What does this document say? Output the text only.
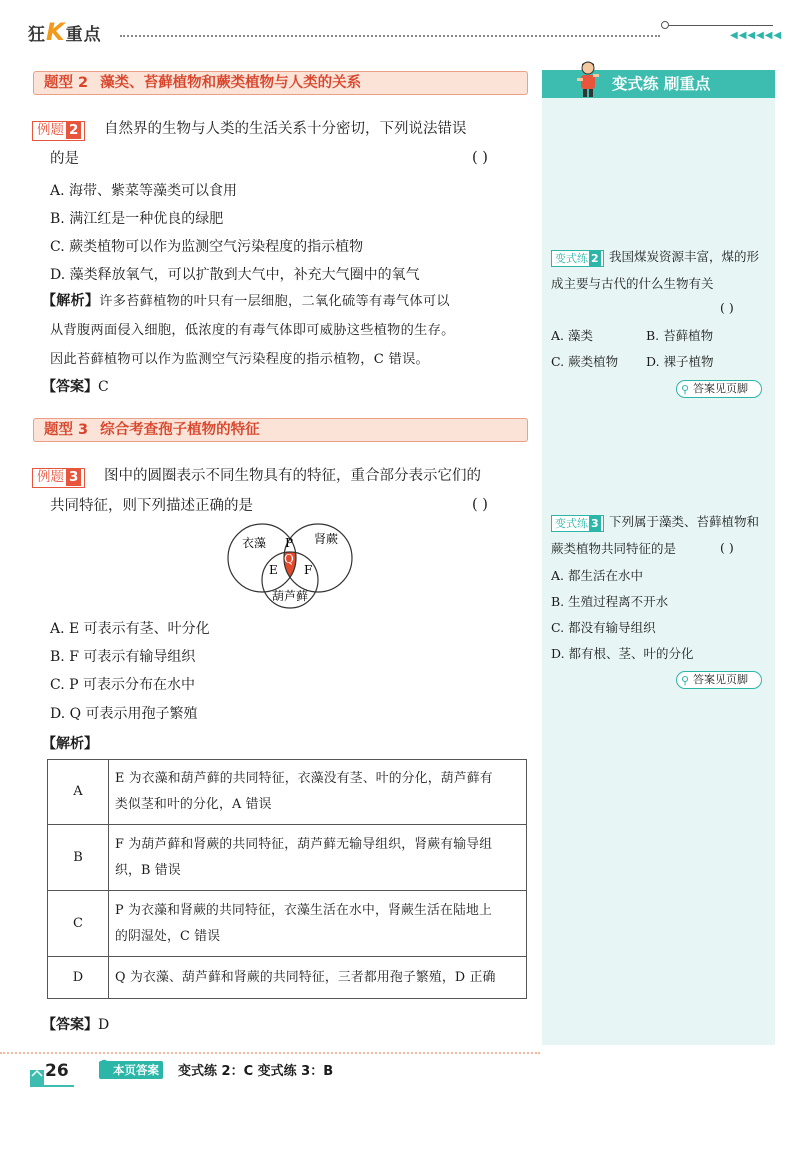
狂K重点	◀◀◀◀◀◀
变式练 刷重点
题型 2 藻类、苔藓植物和蕨类植物与人类的关系
例题 2	自然界的生物与人类的生活关系十分密切，下列说法错误
的是	( )
A. 海带、紫菜等藻类可以食用
B. 满江红是一种优良的绿肥
C. 蕨类植物可以作为监测空气污染程度的指示植物
D. 藻类释放氧气，可以扩散到大气中，补充大气圈中的氧气
【解析】许多苔藓植物的叶只有一层细胞，二氧化硫等有毒气体可以
从背腹两面侵入细胞，低浓度的有毒气体即可威胁这些植物的生存。
因此苔藓植物可以作为监测空气污染程度的指示植物，C 错误。
【答案】C
题型 3 综合考查孢子植物的特征
例题 3	图中的圆圈表示不同生物具有的特征，重合部分表示它们的
共同特征，则下列描述正确的是	( )
衣藻	肾蕨
葫芦藓
P
Q
E F
A. E 可表示有茎、叶分化
B. F 可表示有输导组织
C. P 可表示分布在水中
D. Q 可表示用孢子繁殖
【解析】
A	E 为衣藻和葫芦藓的共同特征，衣藻没有茎、叶的分化，葫芦藓有
类似茎和叶的分化，A 错误

B	F 为葫芦藓和肾蕨的共同特征，葫芦藓无输导组织，肾蕨有输导组
织，B 错误

C	P 为衣藻和肾蕨的共同特征，衣藻生活在水中，肾蕨生活在陆地上
的阴湿处，C 错误

D	Q 为衣藻、葫芦藓和肾蕨的共同特征，三者都用孢子繁殖，D 正确
【答案】D
变式练 2 我国煤炭资源丰富，煤的形
成主要与古代的什么生物有关
( )
A. 藻类	B. 苔藓植物
C. 蕨类植物 D. 裸子植物
⚲ 答案见页脚
变式练 3 下列属于藻类、苔藓植物和
蕨类植物共同特征的是	( )
A. 都生活在水中
B. 生殖过程离不开水
C. 都没有输导组织
D. 都有根、茎、叶的分化
⚲ 答案见页脚
26	本页答案
⚲	变式练 2：C 变式练 3：B
